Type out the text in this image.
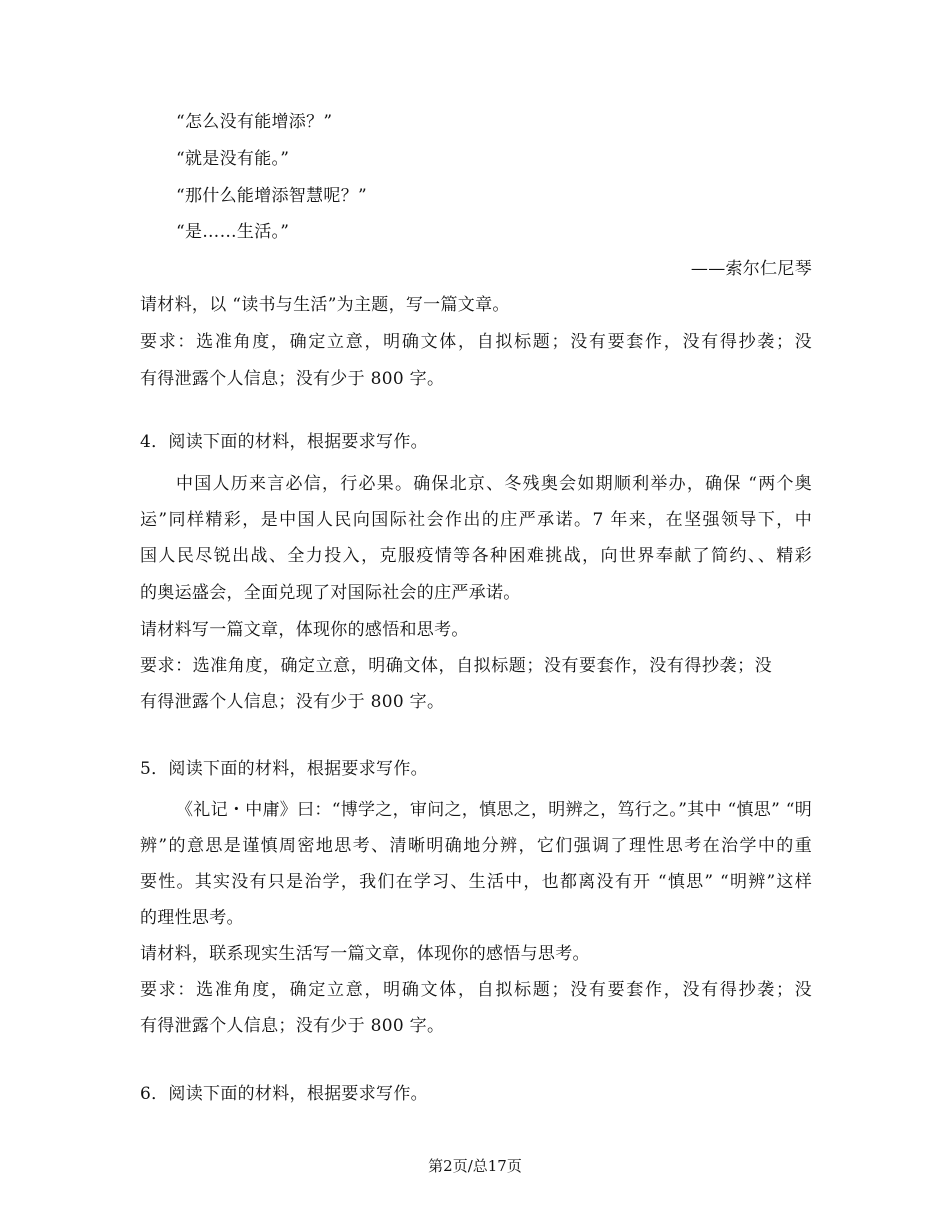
“怎么没有能增添？”
“就是没有能。”
“那什么能增添智慧呢？”
“是……生活。”
——索尔仁尼琴
请材料，以 “读书与生活”为主题，写一篇文章。
要求：选准角度，确定立意，明确文体，自拟标题；没有要套作，没有得抄袭；没
有得泄露个人信息；没有少于 800 字。
4．阅读下面的材料，根据要求写作。
中国人历来言必信，行必果。确保北京、冬残奥会如期顺利举办，确保 “两个奥
运”同样精彩，是中国人民向国际社会作出的庄严承诺。7 年来，在坚强领导下，中
国人民尽锐出战、全力投入，克服疫情等各种困难挑战，向世界奉献了简约、、精彩
的奥运盛会，全面兑现了对国际社会的庄严承诺。
请材料写一篇文章，体现你的感悟和思考。
要求：选准角度，确定立意，明确文体，自拟标题；没有要套作，没有得抄袭；没
有得泄露个人信息；没有少于 800 字。
5．阅读下面的材料，根据要求写作。
《礼记・中庸》曰：“博学之，审问之，慎思之，明辨之，笃行之。”其中 “慎思” “明
辨”的意思是谨慎周密地思考、清晰明确地分辨，它们强调了理性思考在治学中的重
要性。其实没有只是治学，我们在学习、生活中，也都离没有开 “慎思” “明辨”这样
的理性思考。
请材料，联系现实生活写一篇文章，体现你的感悟与思考。
要求：选准角度，确定立意，明确文体，自拟标题；没有要套作，没有得抄袭；没
有得泄露个人信息；没有少于 800 字。
6．阅读下面的材料，根据要求写作。
第2页/总17页
